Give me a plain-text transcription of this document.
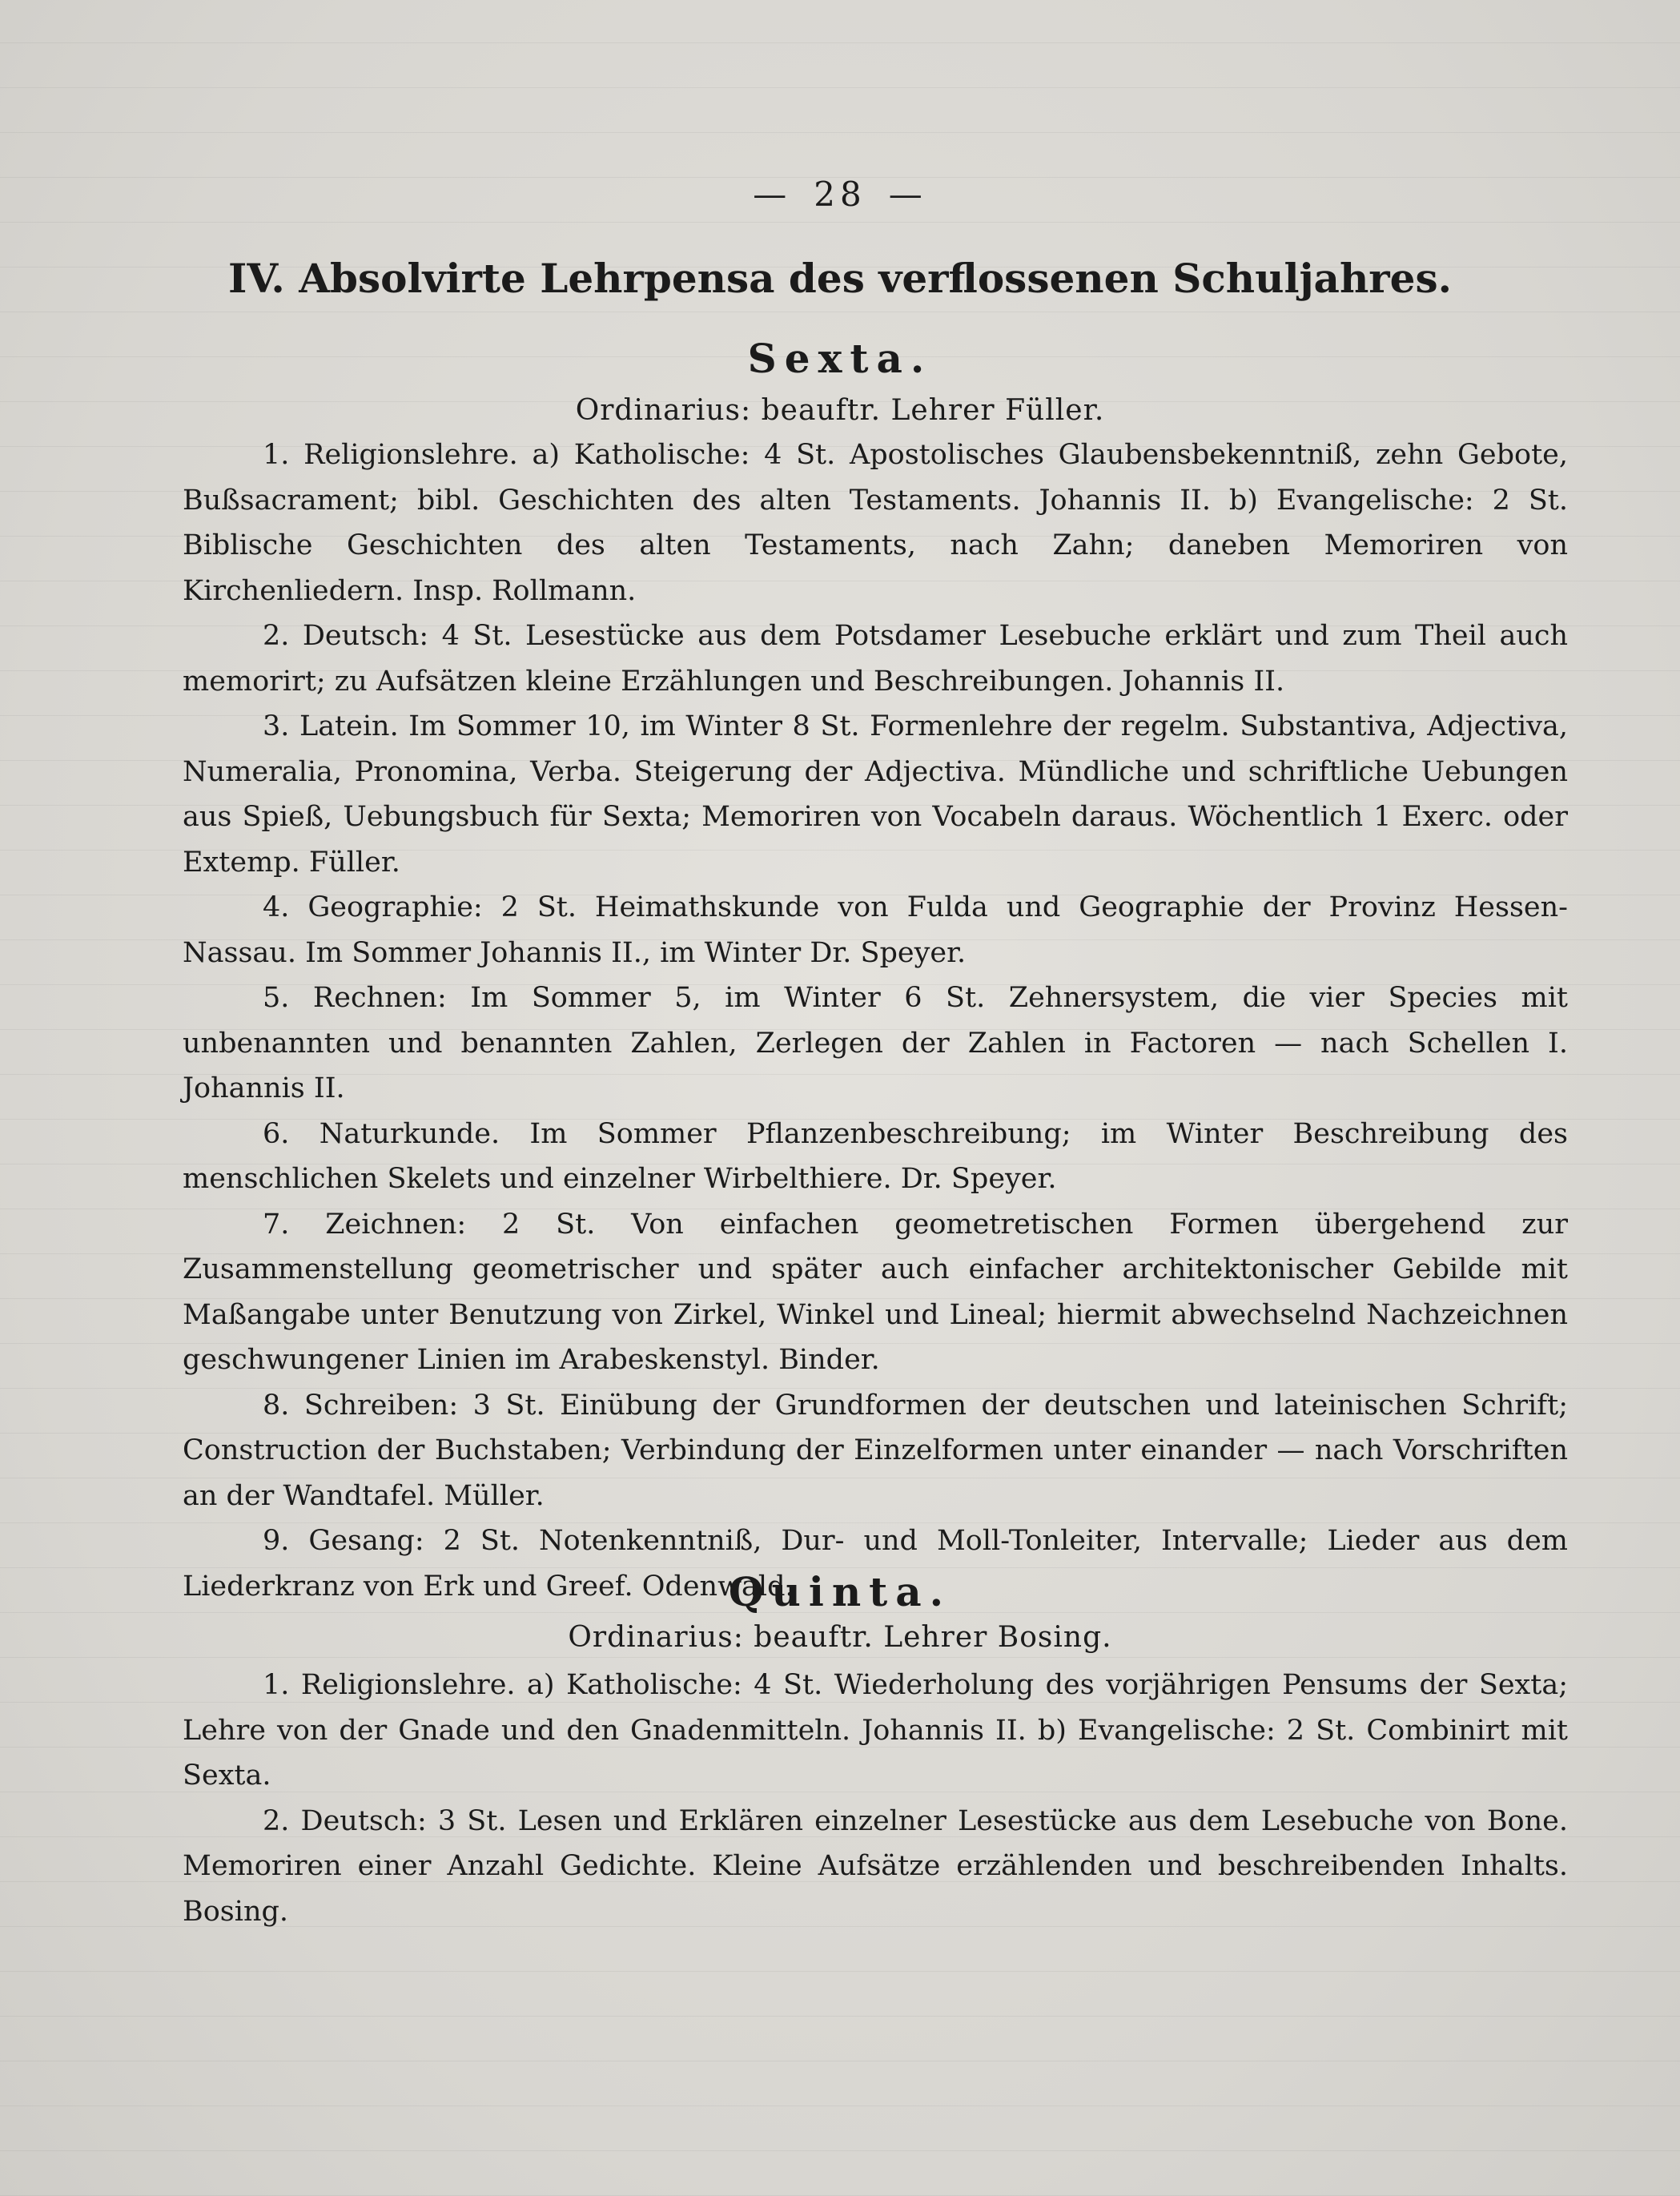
— 28 —
IV. Absolvirte Lehrpensa des verflossenen Schuljahres.
Sexta.
Ordinarius: beauftr. Lehrer Füller.

1. Religionslehre. a) Katholische: 4 St. Apostolisches Glaubensbekenntniß, zehn Gebote, Bußsacrament; bibl. Geschichten des alten Testaments. Johannis II. b) Evangelische: 2 St. Biblische Geschichten des alten Testaments, nach Zahn; daneben Memoriren von Kirchenliedern. Insp. Rollmann.

2. Deutsch: 4 St. Lesestücke aus dem Potsdamer Lesebuche erklärt und zum Theil auch memorirt; zu Aufsätzen kleine Erzählungen und Beschreibungen. Johannis II.

3. Latein. Im Sommer 10, im Winter 8 St. Formenlehre der regelm. Substantiva, Adjectiva, Numeralia, Pronomina, Verba. Steigerung der Adjectiva. Mündliche und schriftliche Uebungen aus Spieß, Uebungsbuch für Sexta; Memoriren von Vocabeln daraus. Wöchentlich 1 Exerc. oder Extemp. Füller.

4. Geographie: 2 St. Heimathskunde von Fulda und Geographie der Provinz Hessen-Nassau. Im Sommer Johannis II., im Winter Dr. Speyer.

5. Rechnen: Im Sommer 5, im Winter 6 St. Zehnersystem, die vier Species mit unbenannten und benannten Zahlen, Zerlegen der Zahlen in Factoren — nach Schellen I. Johannis II.

6. Naturkunde. Im Sommer Pflanzenbeschreibung; im Winter Beschreibung des menschlichen Skelets und einzelner Wirbelthiere. Dr. Speyer.

7. Zeichnen: 2 St. Von einfachen geometretischen Formen übergehend zur Zusammenstellung geometrischer und später auch einfacher architektonischer Gebilde mit Maßangabe unter Benutzung von Zirkel, Winkel und Lineal; hiermit abwechselnd Nachzeichnen geschwungener Linien im Arabeskenstyl. Binder.

8. Schreiben: 3 St. Einübung der Grundformen der deutschen und lateinischen Schrift; Construction der Buchstaben; Verbindung der Einzelformen unter einander — nach Vorschriften an der Wandtafel. Müller.

9. Gesang: 2 St. Notenkenntniß, Dur- und Moll-Tonleiter, Intervalle; Lieder aus dem Liederkranz von Erk und Greef. Odenwald.

Quinta.
Ordinarius: beauftr. Lehrer Bosing.

1. Religionslehre. a) Katholische: 4 St. Wiederholung des vorjährigen Pensums der Sexta; Lehre von der Gnade und den Gnadenmitteln. Johannis II. b) Evangelische: 2 St. Combinirt mit Sexta.

2. Deutsch: 3 St. Lesen und Erklären einzelner Lesestücke aus dem Lesebuche von Bone. Memoriren einer Anzahl Gedichte. Kleine Aufsätze erzählenden und beschreibenden Inhalts. Bosing.
